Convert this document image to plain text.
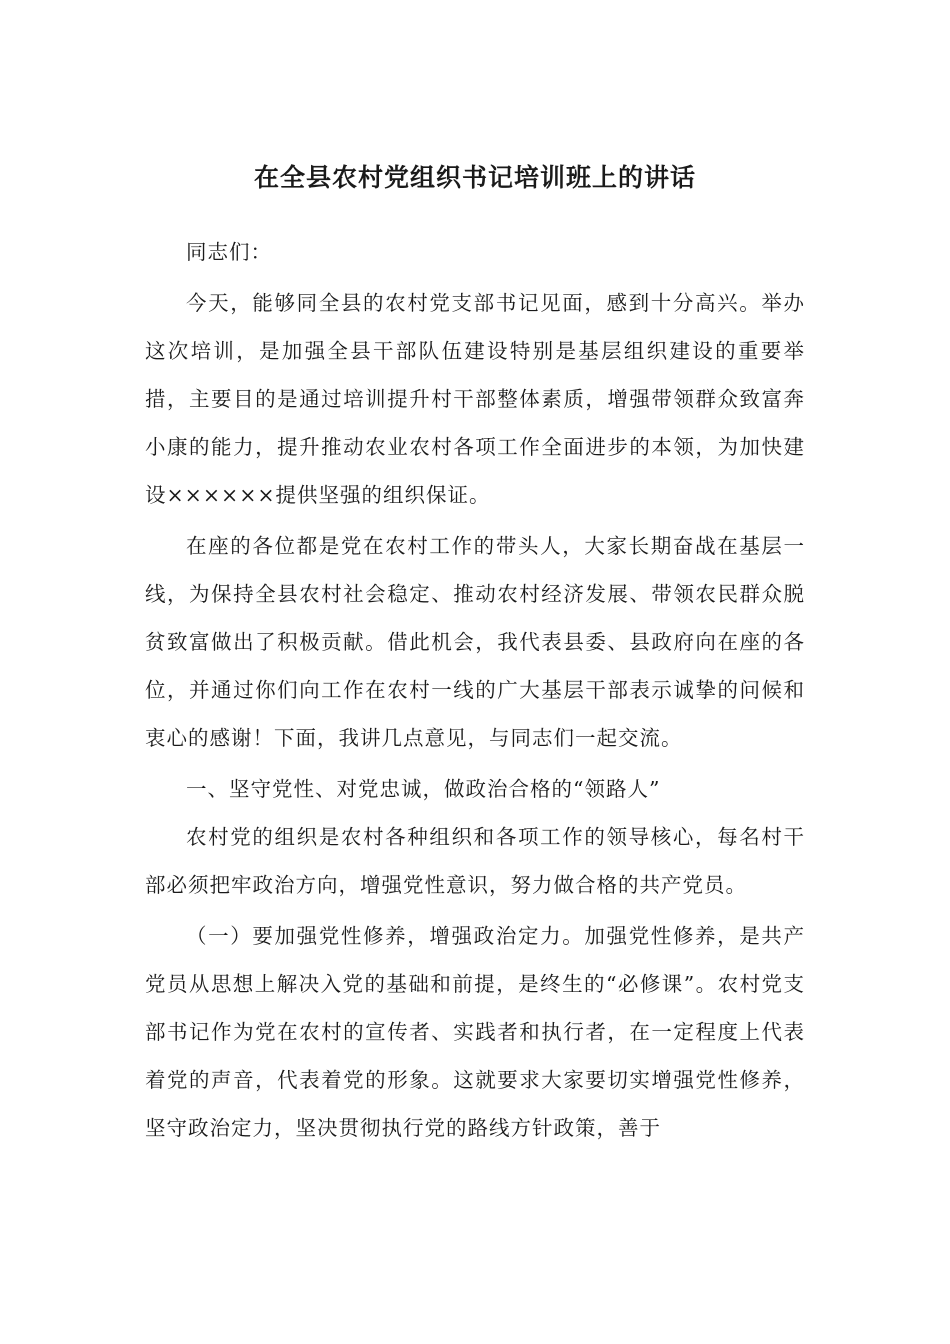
在全县农村党组织书记培训班上的讲话

同志们：

今天，能够同全县的农村党支部书记见面，感到十分高兴。举办这次培训，是加强全县干部队伍建设特别是基层组织建设的重要举措，主要目的是通过培训提升村干部整体素质，增强带领群众致富奔小康的能力，提升推动农业农村各项工作全面进步的本领，为加快建设××××××提供坚强的组织保证。

在座的各位都是党在农村工作的带头人，大家长期奋战在基层一线，为保持全县农村社会稳定、推动农村经济发展、带领农民群众脱贫致富做出了积极贡献。借此机会，我代表县委、县政府向在座的各位，并通过你们向工作在农村一线的广大基层干部表示诚挚的问候和衷心的感谢！下面，我讲几点意见，与同志们一起交流。

一、坚守党性、对党忠诚，做政治合格的“领路人”

农村党的组织是农村各种组织和各项工作的领导核心，每名村干部必须把牢政治方向，增强党性意识，努力做合格的共产党员。

（一）要加强党性修养，增强政治定力。加强党性修养，是共产党员从思想上解决入党的基础和前提，是终生的“必修课”。农村党支部书记作为党在农村的宣传者、实践者和执行者，在一定程度上代表着党的声音，代表着党的形象。这就要求大家要切实增强党性修养，坚守政治定力，坚决贯彻执行党的路线方针政策，善于
